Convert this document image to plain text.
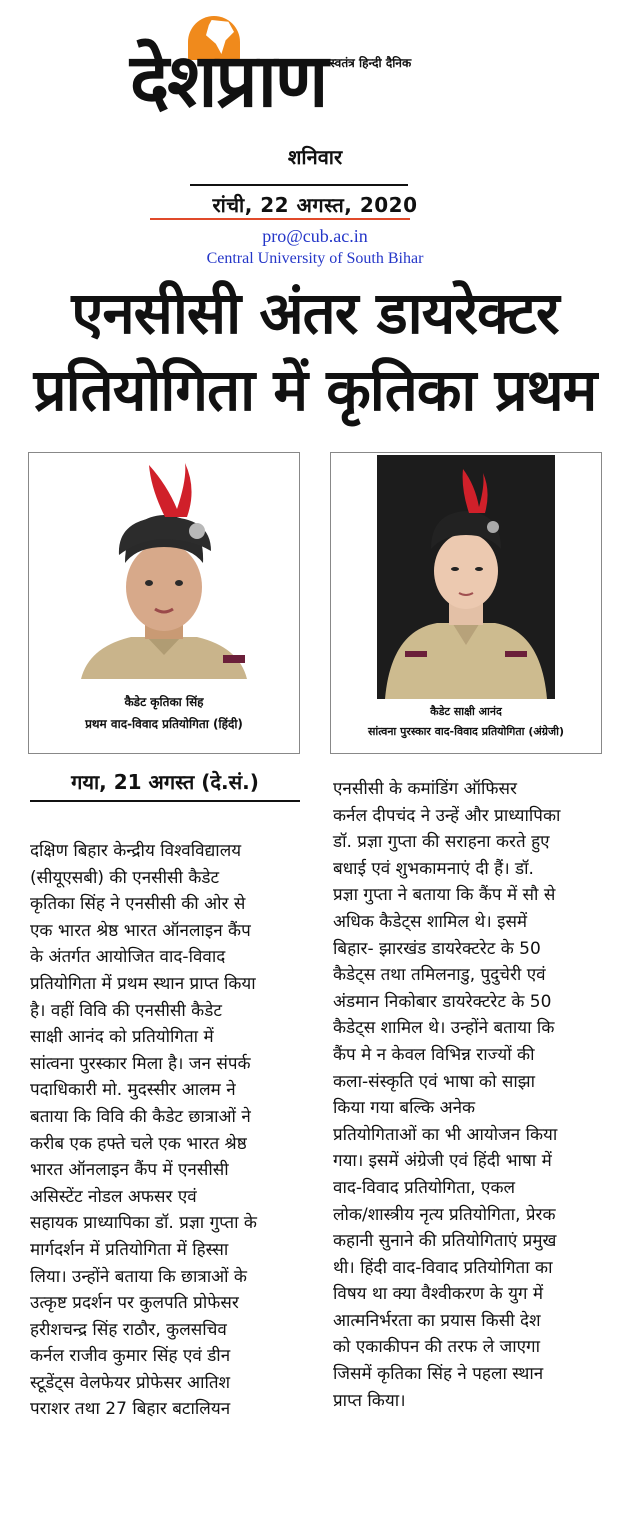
देशप्राण स्वतंत्र हिन्दी दैनिक
शनिवार
रांची, 22 अगस्त, 2020
pro@cub.ac.in
Central University of South Bihar
एनसीसी अंतर डायरेक्टर
प्रतियोगिता में कृतिका प्रथम
कैडेट कृतिका सिंह
प्रथम वाद-विवाद प्रतियोगिता (हिंदी)
कैडेट साक्षी आनंद
सांत्वना पुरस्कार वाद-विवाद प्रतियोगिता (अंग्रेजी)
गया, 21 अगस्त (दे.सं.)

दक्षिण बिहार केन्द्रीय विश्वविद्यालय

(सीयूएसबी) की एनसीसी कैडेट

कृतिका सिंह ने एनसीसी की ओर से

एक भारत श्रेष्ठ भारत ऑनलाइन कैंप

के अंतर्गत आयोजित वाद-विवाद

प्रतियोगिता में प्रथम स्थान प्राप्त किया

है। वहीं विवि की एनसीसी कैडेट

साक्षी आनंद को प्रतियोगिता में

सांत्वना पुरस्कार मिला है। जन संपर्क

पदाधिकारी मो. मुदस्सीर आलम ने

बताया कि विवि की कैडेट छात्राओं ने

करीब एक हफ्ते चले एक भारत श्रेष्ठ

भारत ऑनलाइन कैंप में एनसीसी

असिस्टेंट नोडल अफसर एवं

सहायक प्राध्यापिका डॉ. प्रज्ञा गुप्ता के

मार्गदर्शन में प्रतियोगिता में हिस्सा

लिया। उन्होंने बताया कि छात्राओं के

उत्कृष्ट प्रदर्शन पर कुलपति प्रोफेसर

हरीशचन्द्र सिंह राठौर, कुलसचिव

कर्नल राजीव कुमार सिंह एवं डीन

स्टूडेंट्स वेलफेयर प्रोफेसर आतिश

पराशर तथा 27 बिहार बटालियन

एनसीसी के कमांडिंग ऑफिसर

कर्नल दीपचंद ने उन्हें और प्राध्यापिका

डॉ. प्रज्ञा गुप्ता की सराहना करते हुए

बधाई एवं शुभकामनाएं दी हैं। डॉ.

प्रज्ञा गुप्ता ने बताया कि कैंप में सौ से

अधिक कैडेट्स शामिल थे। इसमें

बिहार- झारखंड डायरेक्टरेट के 50

कैडेट्स तथा तमिलनाडु, पुदुचेरी एवं

अंडमान निकोबार डायरेक्टरेट के 50

कैडेट्स शामिल थे। उन्होंने बताया कि

कैंप मे न केवल विभिन्न राज्यों की

कला-संस्कृति एवं भाषा को साझा

किया गया बल्कि अनेक

प्रतियोगिताओं का भी आयोजन किया

गया। इसमें अंग्रेजी एवं हिंदी भाषा में

वाद-विवाद प्रतियोगिता, एकल

लोक/शास्त्रीय नृत्य प्रतियोगिता, प्रेरक

कहानी सुनाने की प्रतियोगिताएं प्रमुख

थी। हिंदी वाद-विवाद प्रतियोगिता का

विषय था क्या वैश्वीकरण के युग में

आत्मनिर्भरता का प्रयास किसी देश

को एकाकीपन की तरफ ले जाएगा

जिसमें कृतिका सिंह ने पहला स्थान

प्राप्त किया।
